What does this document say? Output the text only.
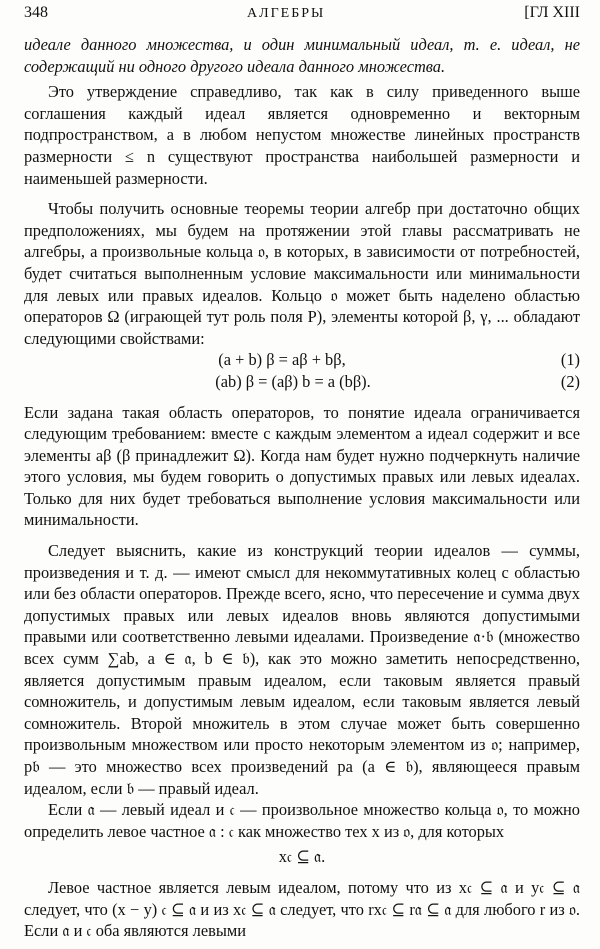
348	АЛГЕБРЫ	[ГЛ XIII

идеале данного множества, и один минимальный идеал, т. е. идеал, не содержащий ни одного другого идеала данного множества.

Это утверждение справедливо, так как в силу приведенного выше соглашения каждый идеал является одновременно и векторным подпространством, а в любом непустом множестве линейных пространств размерности ≤ n существуют пространства наибольшей размерности и наименьшей размерности.

Чтобы получить основные теоремы теории алгебр при достаточно общих предположениях, мы будем на протяжении этой главы рассматривать не алгебры, а произвольные кольца 𝔬, в которых, в зависимости от потребностей, будет считаться выполненным условие максимальности или минимальности для левых или правых идеалов. Кольцо 𝔬 может быть наделено областью операторов Ω (играющей тут роль поля P), элементы которой β, γ, ... обладают следующими свойствами:

(a + b) β = aβ + bβ,	(1)
(ab) β = (aβ) b = a (bβ).	(2)

Если задана такая область операторов, то понятие идеала ограничивается следующим требованием: вместе с каждым элементом a идеал содержит и все элементы aβ (β принадлежит Ω). Когда нам будет нужно подчеркнуть наличие этого условия, мы будем говорить о допустимых правых или левых идеалах. Только для них будет требоваться выполнение условия максимальности или минимальности.

Следует выяснить, какие из конструкций теории идеалов — суммы, произведения и т. д. — имеют смысл для некоммутативных колец с областью или без области операторов. Прежде всего, ясно, что пересечение и сумма двух допустимых правых или левых идеалов вновь являются допустимыми правыми или соответственно левыми идеалами. Произведение 𝔞·𝔟 (множество всех сумм ∑ab, a ∈ 𝔞, b ∈ 𝔟), как это можно заметить непосредственно, является допустимым правым идеалом, если таковым является правый сомножитель, и допустимым левым идеалом, если таковым является левый сомножитель. Второй множитель в этом случае может быть совершенно произвольным множеством или просто некоторым элементом из 𝔬; например, p𝔟 — это множество всех произведений pa (a ∈ 𝔟), являющееся правым идеалом, если 𝔟 — правый идеал.

Если 𝔞 — левый идеал и 𝔠 — произвольное множество кольца 𝔬, то можно определить левое частное 𝔞 : 𝔠 как множество тех x из 𝔬, для которых

x𝔠 ⊆ 𝔞.

Левое частное является левым идеалом, потому что из x𝔠 ⊆ 𝔞 и y𝔠 ⊆ 𝔞 следует, что (x − y) 𝔠 ⊆ 𝔞 и из x𝔠 ⊆ 𝔞 следует, что rx𝔠 ⊆ r𝔞 ⊆ 𝔞 для любого r из 𝔬. Если 𝔞 и 𝔠 оба являются левыми
